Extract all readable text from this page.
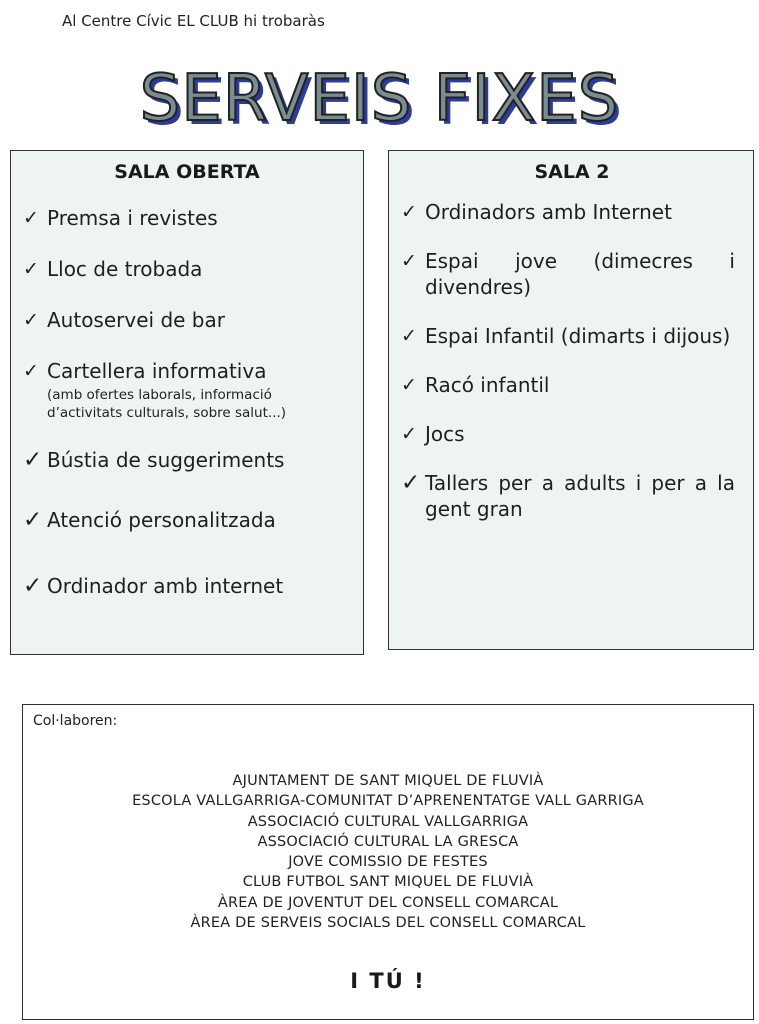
Al Centre Cívic EL CLUB hi trobaràs
SERVEIS FIXES
SALA OBERTA
✓ Premsa i revistes
✓ Lloc de trobada
✓ Autoservei de bar
✓ Cartellera informativa
(amb ofertes laborals, informació d’activitats culturals, sobre salut...)
✓ Bústia de suggeriments
✓ Atenció personalitzada
✓ Ordinador amb internet
SALA 2
✓ Ordinadors amb Internet
✓ Espai jove (dimecres i divendres)
✓ Espai Infantil (dimarts i dijous)
✓ Racó infantil
✓ Jocs
✓ Tallers per a adults i per a la gent gran
Col·laboren:
AJUNTAMENT DE SANT MIQUEL DE FLUVIÀ
ESCOLA VALLGARRIGA-COMUNITAT D’APRENENTATGE VALL GARRIGA
ASSOCIACIÓ CULTURAL VALLGARRIGA
ASSOCIACIÓ CULTURAL LA GRESCA
JOVE COMISSIO DE FESTES
CLUB FUTBOL SANT MIQUEL DE FLUVIÀ
ÀREA DE JOVENTUT DEL CONSELL COMARCAL
ÀREA DE SERVEIS SOCIALS DEL CONSELL COMARCAL
I TÚ !
